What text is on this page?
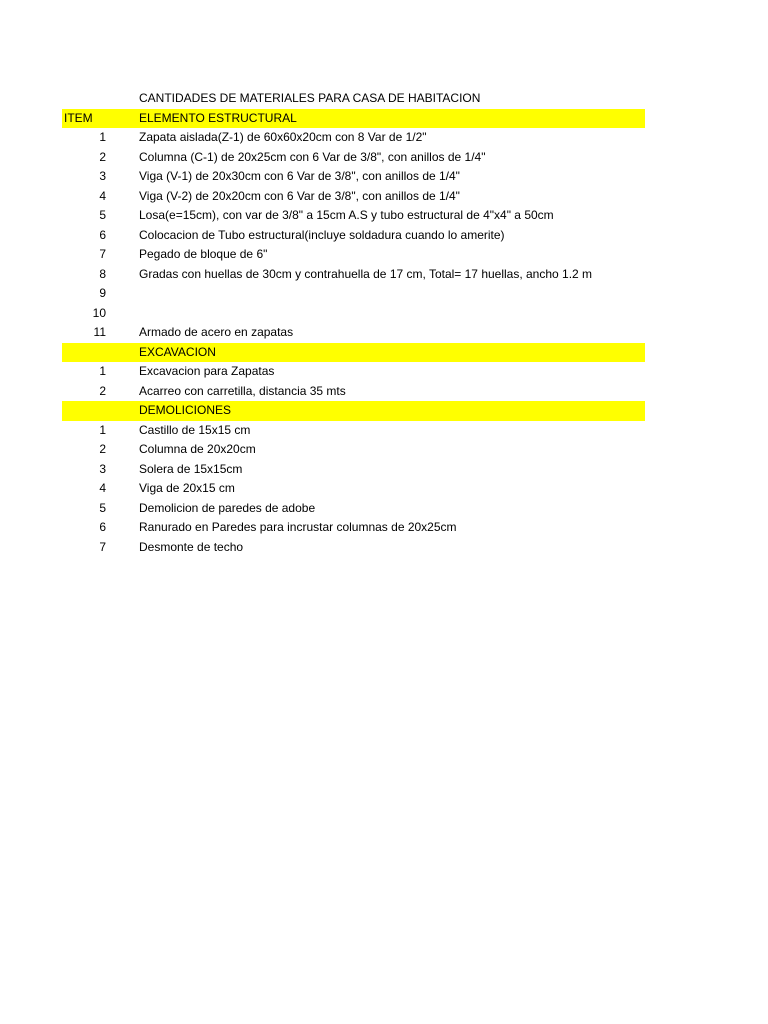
CANTIDADES DE MATERIALES PARA CASA DE HABITACION
ITEM	ELEMENTO ESTRUCTURAL
1	Zapata aislada(Z-1) de 60x60x20cm con 8 Var de 1/2"
2	Columna (C-1) de 20x25cm con 6 Var de 3/8", con anillos de 1/4"
3	Viga (V-1) de 20x30cm con 6 Var de 3/8", con anillos de 1/4"
4	Viga (V-2) de 20x20cm con 6 Var de 3/8", con anillos de 1/4"
5	Losa(e=15cm), con var de 3/8" a 15cm A.S y tubo estructural de 4"x4" a 50cm
6	Colocacion de Tubo estructural(incluye soldadura cuando lo amerite)
7	Pegado de bloque de 6"
8	Gradas con huellas de 30cm y contrahuella de 17 cm, Total= 17 huellas, ancho 1.2 m
9
10
11	Armado de acero en zapatas
EXCAVACION
1	Excavacion para Zapatas
2	Acarreo con carretilla, distancia 35 mts
DEMOLICIONES
1	Castillo de 15x15 cm
2	Columna de 20x20cm
3	Solera de 15x15cm
4	Viga de 20x15 cm
5	Demolicion de paredes de adobe
6	Ranurado en Paredes para incrustar columnas de 20x25cm
7	Desmonte de techo
